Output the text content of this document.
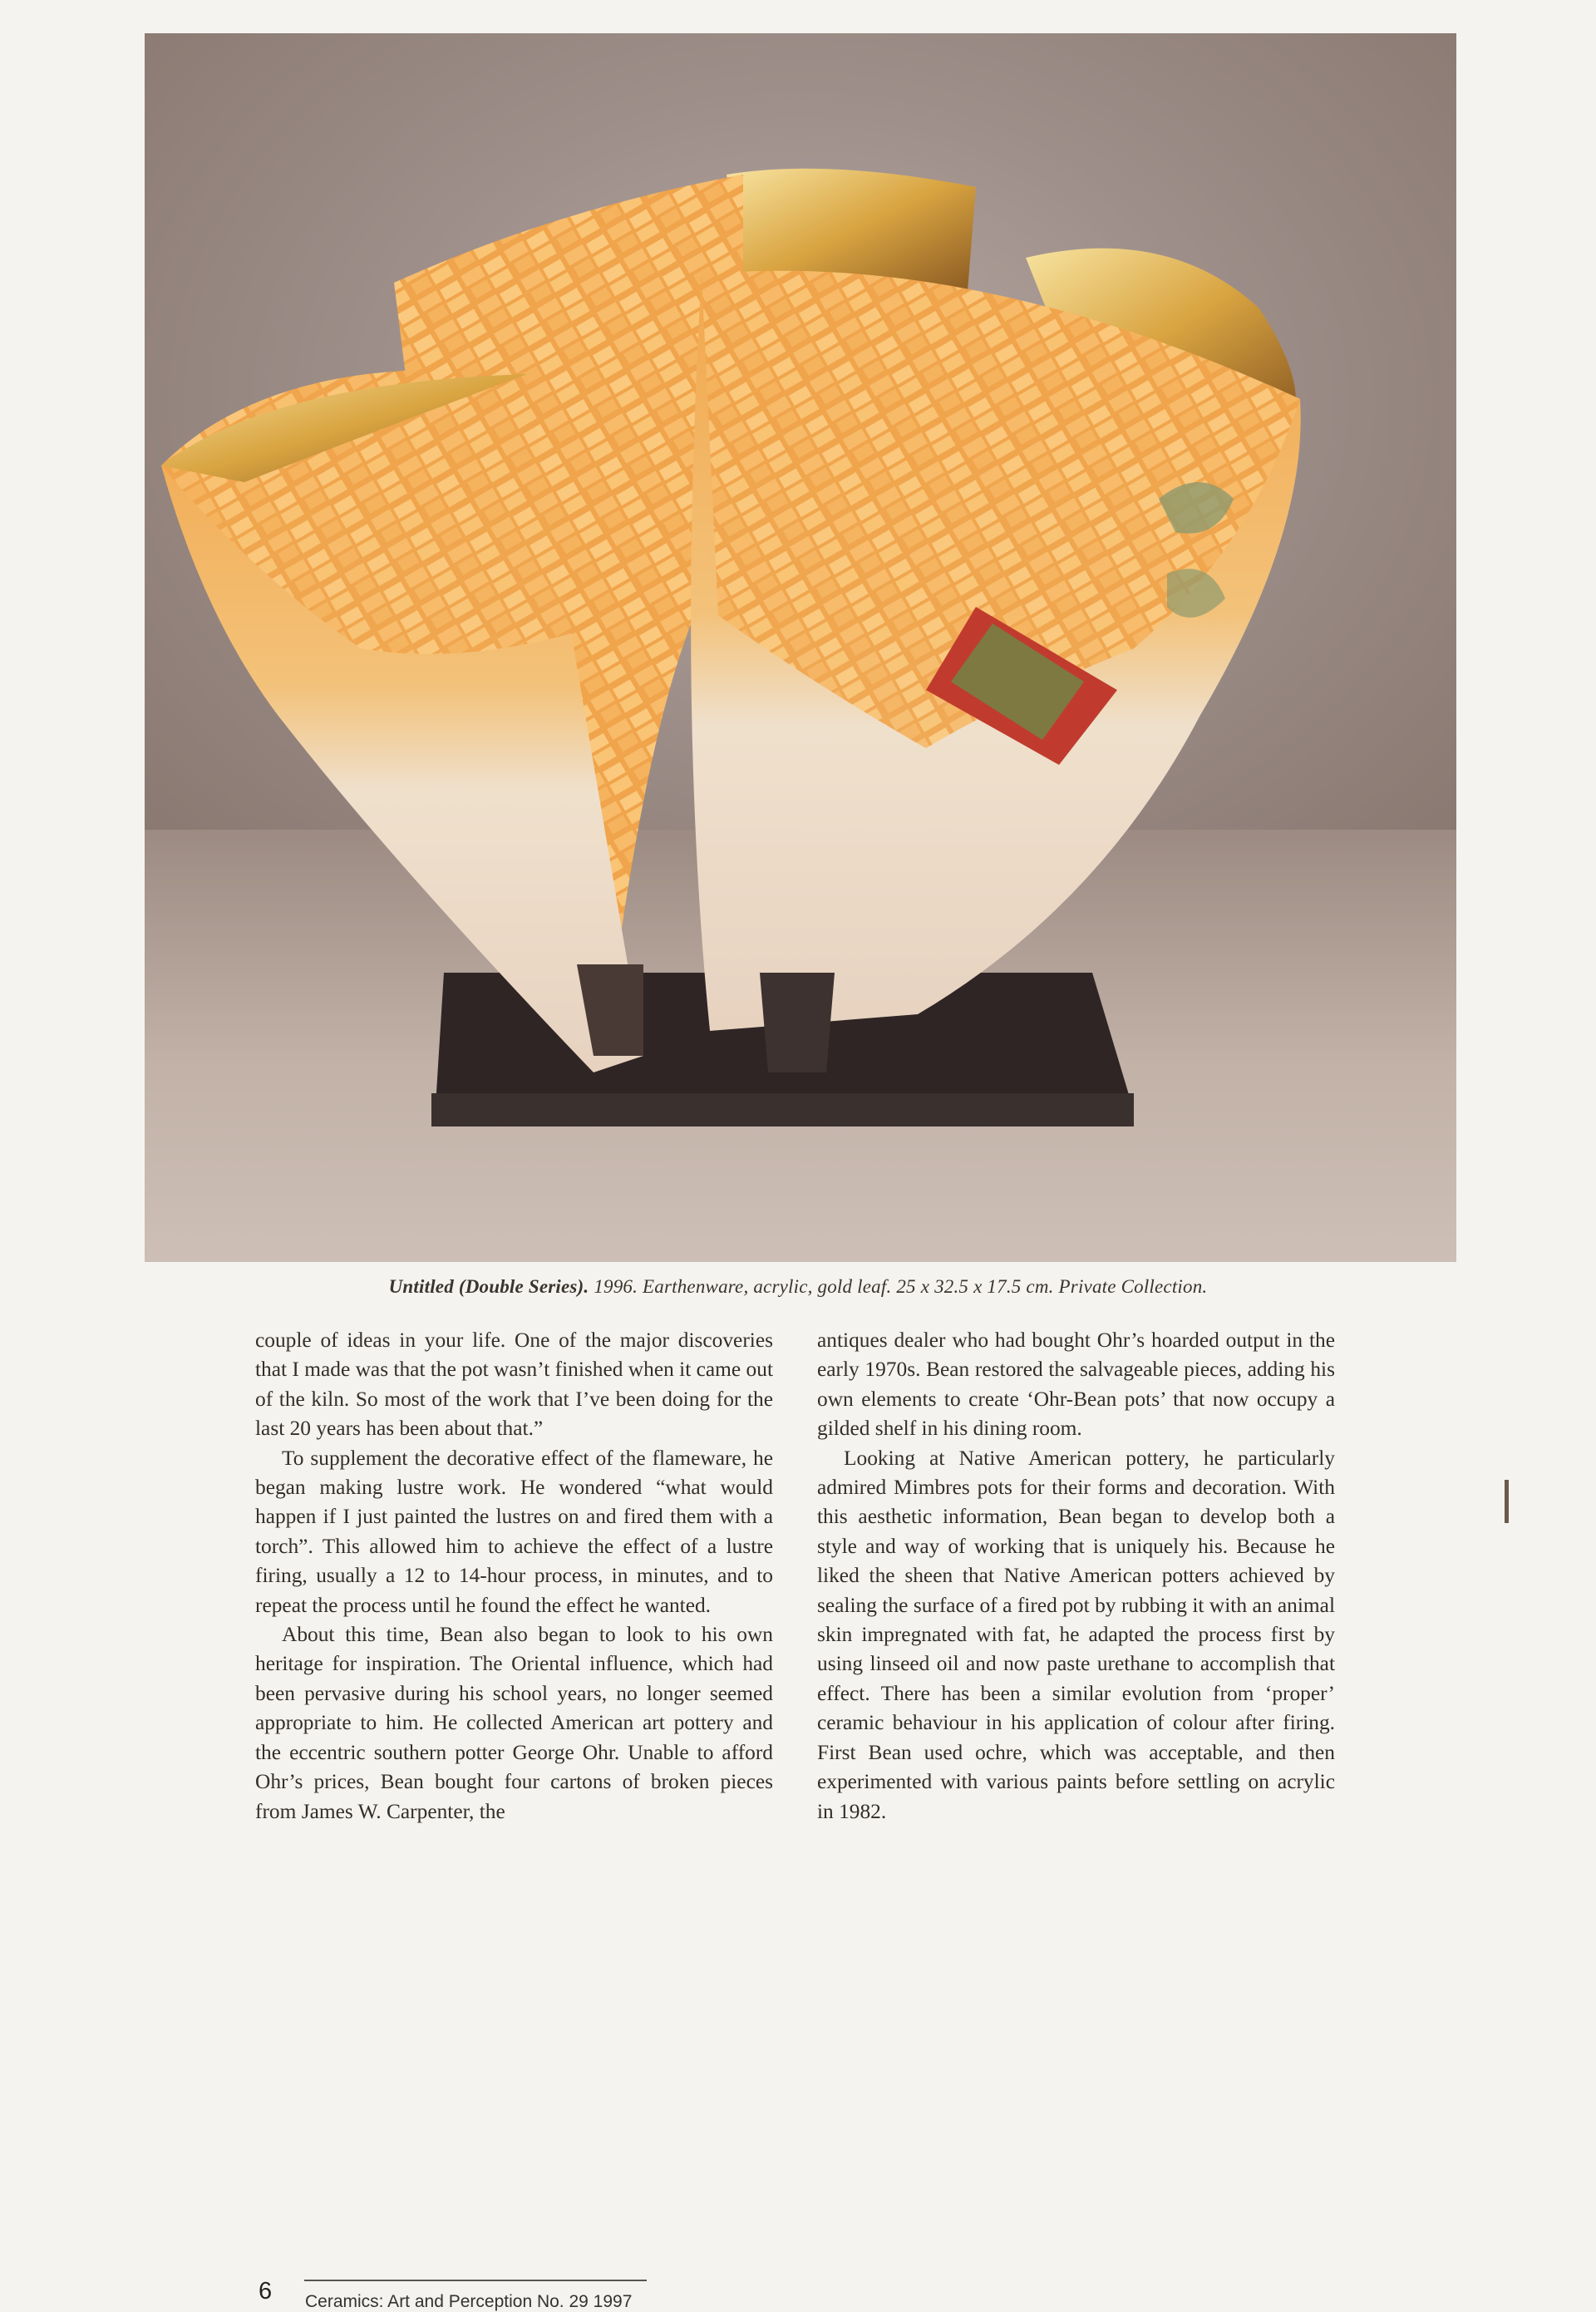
Untitled (Double Series). 1996. Earthenware, acrylic, gold leaf. 25 x 32.5 x 17.5 cm. Private Collection.

couple of ideas in your life. One of the major discoveries that I made was that the pot wasn’t finished when it came out of the kiln. So most of the work that I’ve been doing for the last 20 years has been about that.”

To supplement the decorative effect of the flameware, he began making lustre work. He wondered “what would happen if I just painted the lustres on and fired them with a torch”. This allowed him to achieve the effect of a lustre firing, usually a 12 to 14-hour process, in minutes, and to repeat the process until he found the effect he wanted.

About this time, Bean also began to look to his own heritage for inspiration. The Oriental influence, which had been pervasive during his school years, no longer seemed appropriate to him. He collected American art pottery and the eccentric southern potter George Ohr. Unable to afford Ohr’s prices, Bean bought four cartons of broken pieces from James W. Carpenter, the

antiques dealer who had bought Ohr’s hoarded output in the early 1970s. Bean restored the salvageable pieces, adding his own elements to create ‘Ohr-Bean pots’ that now occupy a gilded shelf in his dining room.

Looking at Native American pottery, he particularly admired Mimbres pots for their forms and decoration. With this aesthetic information, Bean began to develop both a style and way of working that is uniquely his. Because he liked the sheen that Native American potters achieved by sealing the surface of a fired pot by rubbing it with an animal skin impregnated with fat, he adapted the process first by using linseed oil and now paste urethane to accomplish that effect. There has been a similar evolution from ‘proper’ ceramic behaviour in his application of colour after firing. First Bean used ochre, which was acceptable, and then experimented with various paints before settling on acrylic in 1982.

6 Ceramics: Art and Perception No. 29 1997
